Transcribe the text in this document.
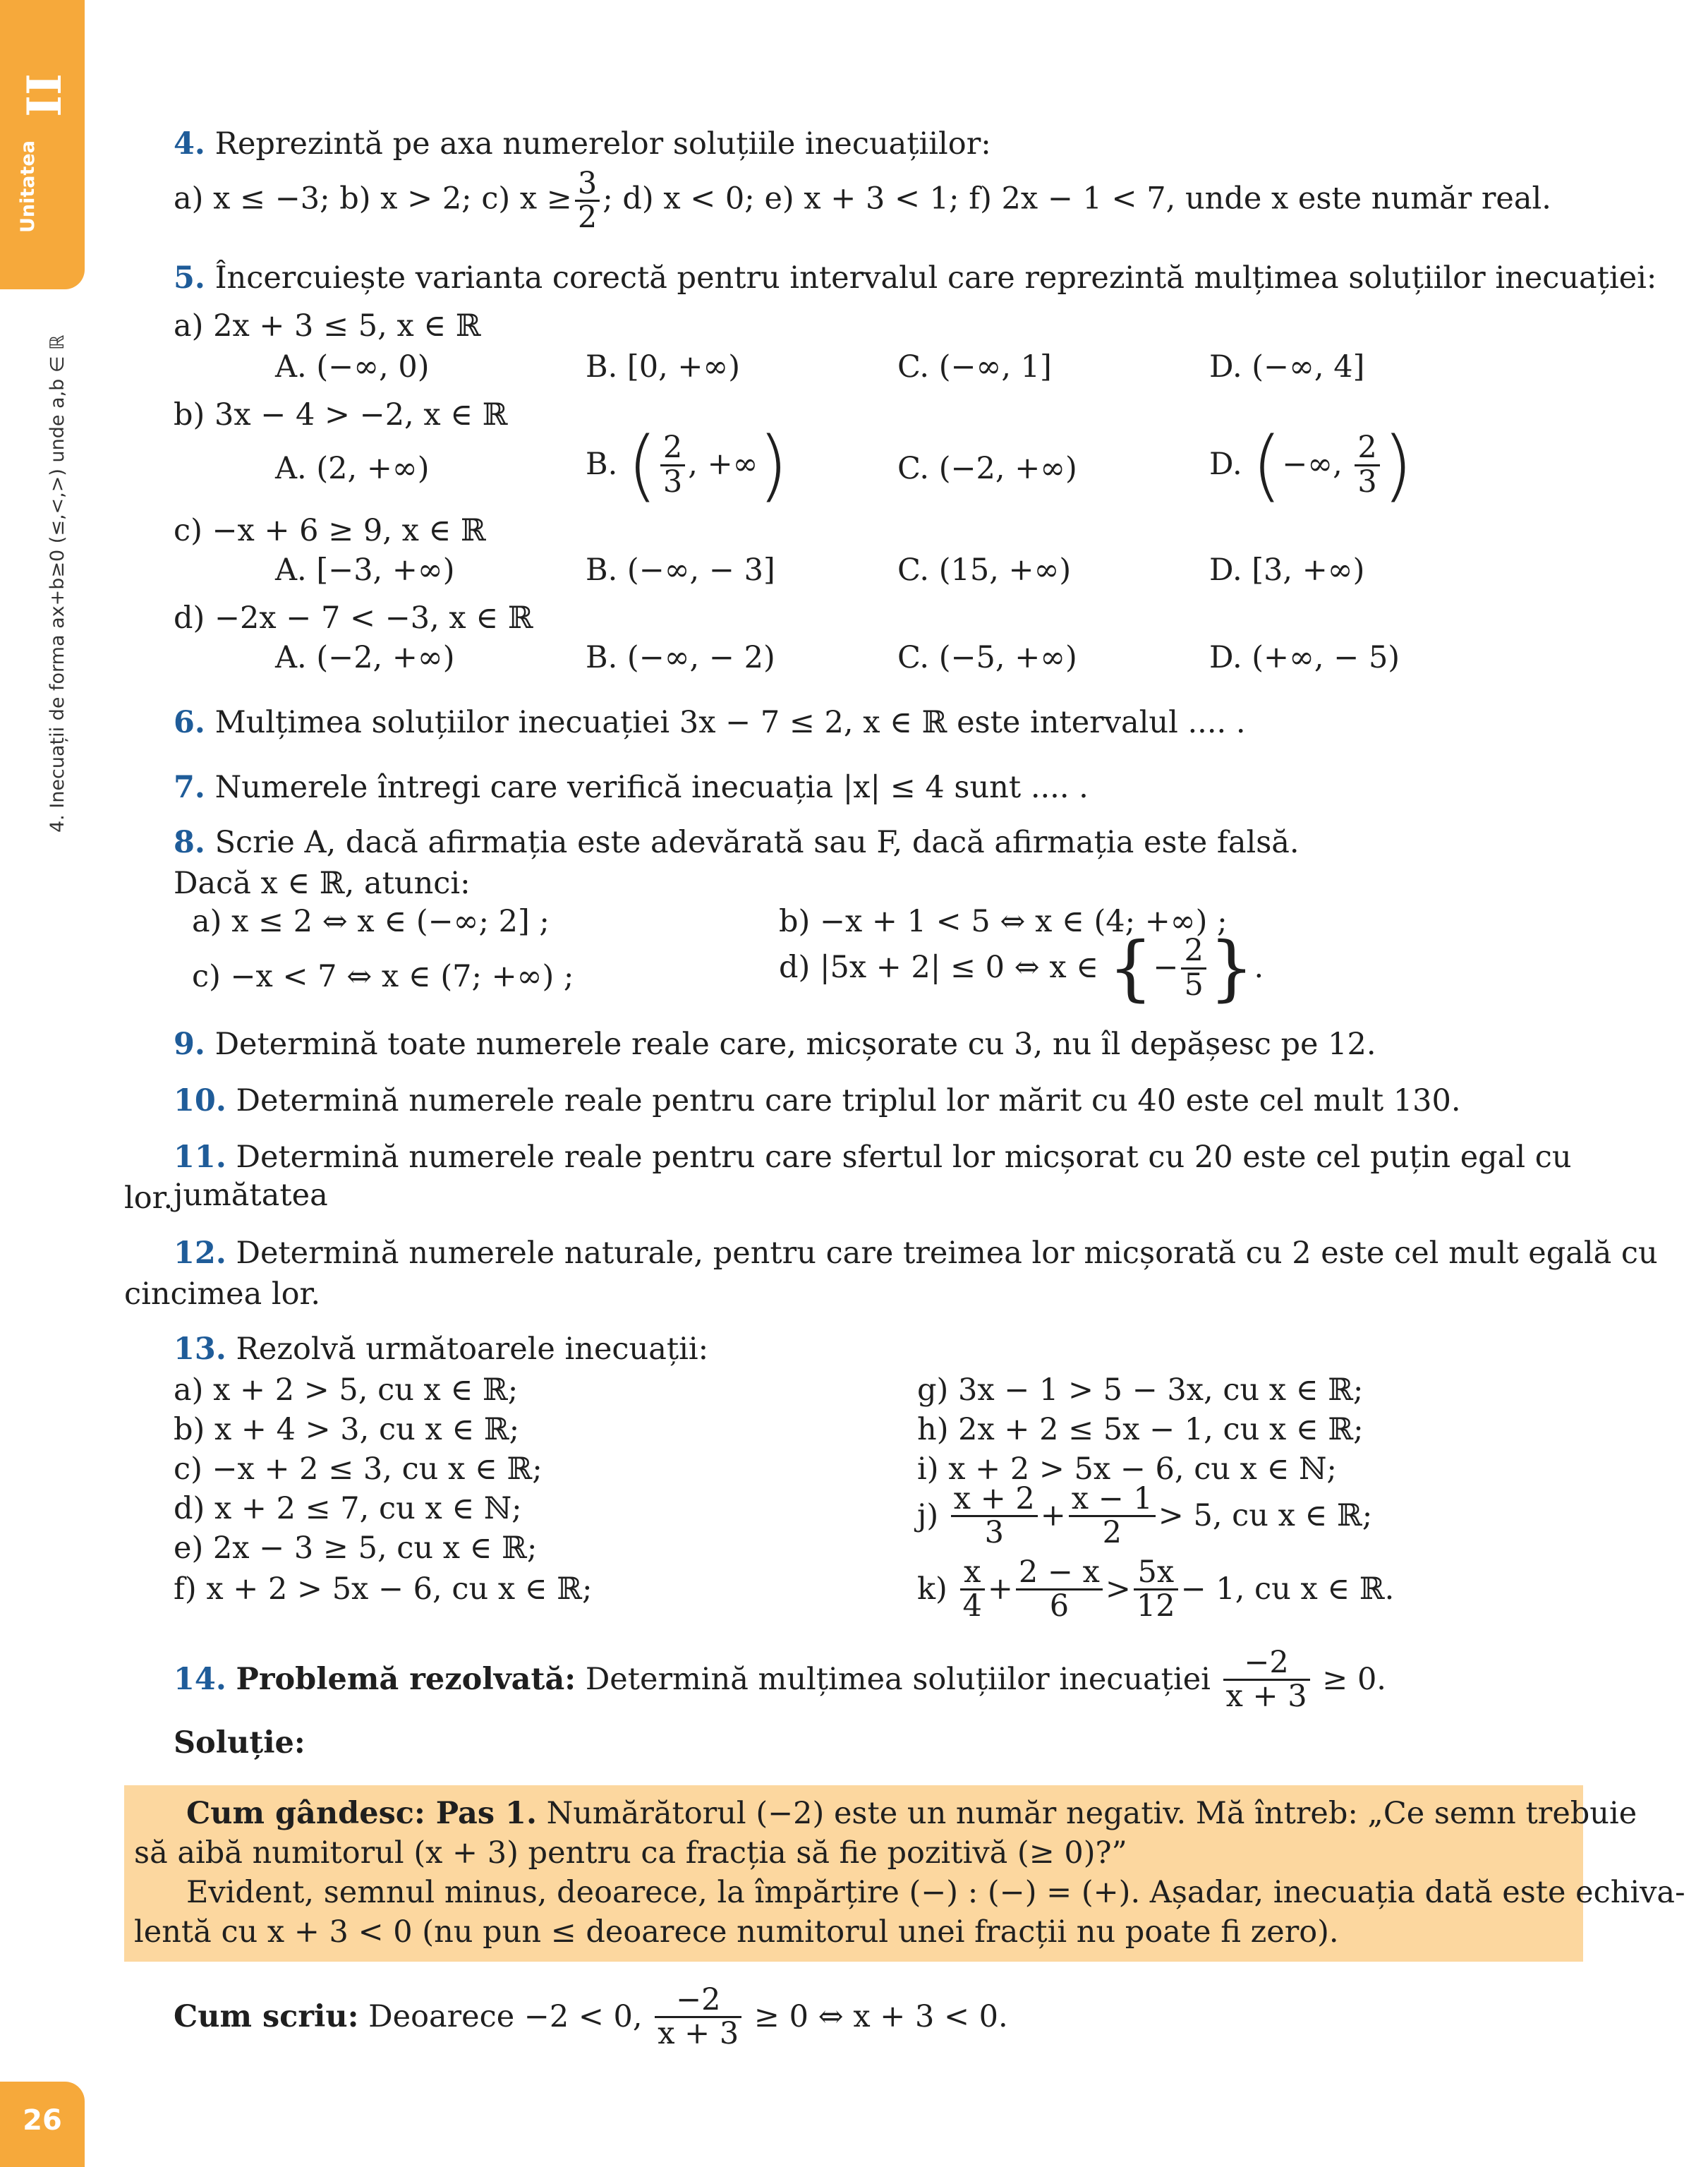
II
Unitatea
4. Inecuații de forma ax+b≥0 (≤,<,>) unde a,b ∈ ℝ
26
4. Reprezintă pe axa numerelor soluțiile inecuațiilor:
a) x ≤ −3; b) x > 2; c) $x \ge \frac{3}{2}$ ; d) x < 0; e) x + 3 < 1; f) 2x − 1 < 7, unde x este număr real.
5. Încercuiește varianta corectă pentru intervalul care reprezintă mulțimea soluțiilor inecuației:
a) 2x + 3 ≤ 5, x ∈ ℝ
A. (−∞, 0)	B. [0, +∞)	C. (−∞, 1]	D. (−∞, 4]
b) 3x − 4 > −2, x ∈ ℝ
A. (2, +∞)	B. ( $\frac{2}{3}$ , +∞)	C. (−2, +∞)	D. (−∞, $\frac{2}{3}$ )
c) −x + 6 ≥ 9, x ∈ ℝ
A. [−3, +∞)	B. (−∞, − 3]	C. (15, +∞)	D. [3, +∞)
d) −2x − 7 < −3, x ∈ ℝ
A. (−2, +∞)	B. (−∞, − 2)	C. (−5, +∞)	D. (+∞, − 5)
6. Mulțimea soluțiilor inecuației 3x − 7 ≤ 2, x ∈ ℝ este intervalul .... .
7. Numerele întregi care verifică inecuația |x| ≤ 4 sunt .... .
8. Scrie A, dacă afirmația este adevărată sau F, dacă afirmația este falsă.
Dacă x ∈ ℝ, atunci:
a) x ≤ 2 ⇔ x ∈ (−∞; 2] ;	b) −x + 1 < 5 ⇔ x ∈ (4; +∞) ;
c) −x < 7 ⇔ x ∈ (7; +∞) ;	d) |5x + 2| ≤ 0 ⇔ x ∈ {− $\frac{2}{5}$ }.
9. Determină toate numerele reale care, micșorate cu 3, nu îl depășesc pe 12.
10. Determină numerele reale pentru care triplul lor mărit cu 40 este cel mult 130.
11. Determină numerele reale pentru care sfertul lor micșorat cu 20 este cel puțin egal cu jumătatea
lor.
12. Determină numerele naturale, pentru care treimea lor micșorată cu 2 este cel mult egală cu
cincimea lor.
13. Rezolvă următoarele inecuații:
a) x + 2 > 5, cu x ∈ ℝ;
b) x + 4 > 3, cu x ∈ ℝ;
c) −x + 2 ≤ 3, cu x ∈ ℝ;
d) x + 2 ≤ 7, cu x ∈ ℕ;
e) 2x − 3 ≥ 5, cu x ∈ ℝ;
f) x + 2 > 5x − 6, cu x ∈ ℝ;
g) 3x − 1 > 5 − 3x, cu x ∈ ℝ;
h) 2x + 2 ≤ 5x − 1, cu x ∈ ℝ;
i) x + 2 > 5x − 6, cu x ∈ ℕ;
$j) \frac{x + 2}{3} + \frac{x - 1}{2} > 5$, cu x ∈ ℝ;
$k) \frac{x}{4} + \frac{2 - x}{6} > \frac{5x}{12} - 1$, cu x ∈ ℝ.
14. Problemă rezolvată: Determină mulțimea soluțiilor inecuației $\frac{-2}{x + 3} \ge 0$.
Soluție:
Cum gândesc: Pas 1. Numărătorul (−2) este un număr negativ. Mă întreb: „Ce semn trebuie
să aibă numitorul (x + 3) pentru ca fracția să fie pozitivă (≥ 0)?”
Evident, semnul minus, deoarece, la împărțire (−) : (−) = (+). Așadar, inecuația dată este echiva-
lentă cu x + 3 < 0 (nu pun ≤ deoarece numitorul unei fracții nu poate fi zero).
Cum scriu: Deoarece −2 < 0, $\frac{-2}{x + 3} \ge 0$ ⇔ x + 3 < 0.
